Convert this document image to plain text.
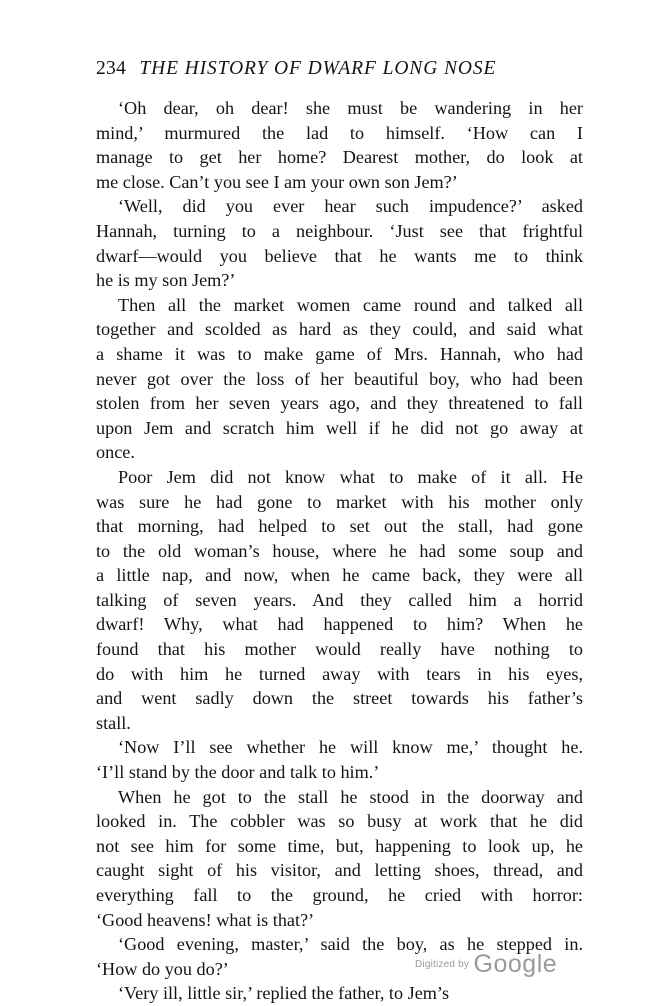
234 THE HISTORY OF DWARF LONG NOSE

‘Oh dear, oh dear! she must be wandering in her
mind,’ murmured the lad to himself. ‘How can I
manage to get her home? Dearest mother, do look at
me close. Can’t you see I am your own son Jem?’

‘Well, did you ever hear such impudence?’ asked
Hannah, turning to a neighbour. ‘Just see that frightful
dwarf—would you believe that he wants me to think
he is my son Jem?’

Then all the market women came round and talked all
together and scolded as hard as they could, and said what
a shame it was to make game of Mrs. Hannah, who had
never got over the loss of her beautiful boy, who had been
stolen from her seven years ago, and they threatened to fall
upon Jem and scratch him well if he did not go away at
once.

Poor Jem did not know what to make of it all. He
was sure he had gone to market with his mother only
that morning, had helped to set out the stall, had gone
to the old woman’s house, where he had some soup and
a little nap, and now, when he came back, they were all
talking of seven years. And they called him a horrid
dwarf! Why, what had happened to him? When he
found that his mother would really have nothing to
do with him he turned away with tears in his eyes,
and went sadly down the street towards his father’s
stall.

‘Now I’ll see whether he will know me,’ thought he.
‘I’ll stand by the door and talk to him.’

When he got to the stall he stood in the doorway and
looked in. The cobbler was so busy at work that he did
not see him for some time, but, happening to look up, he
caught sight of his visitor, and letting shoes, thread, and
everything fall to the ground, he cried with horror:
‘Good heavens! what is that?’

‘Good evening, master,’ said the boy, as he stepped in.
‘How do you do?’

‘Very ill, little sir,’ replied the father, to Jem’s

Digitized by Google
